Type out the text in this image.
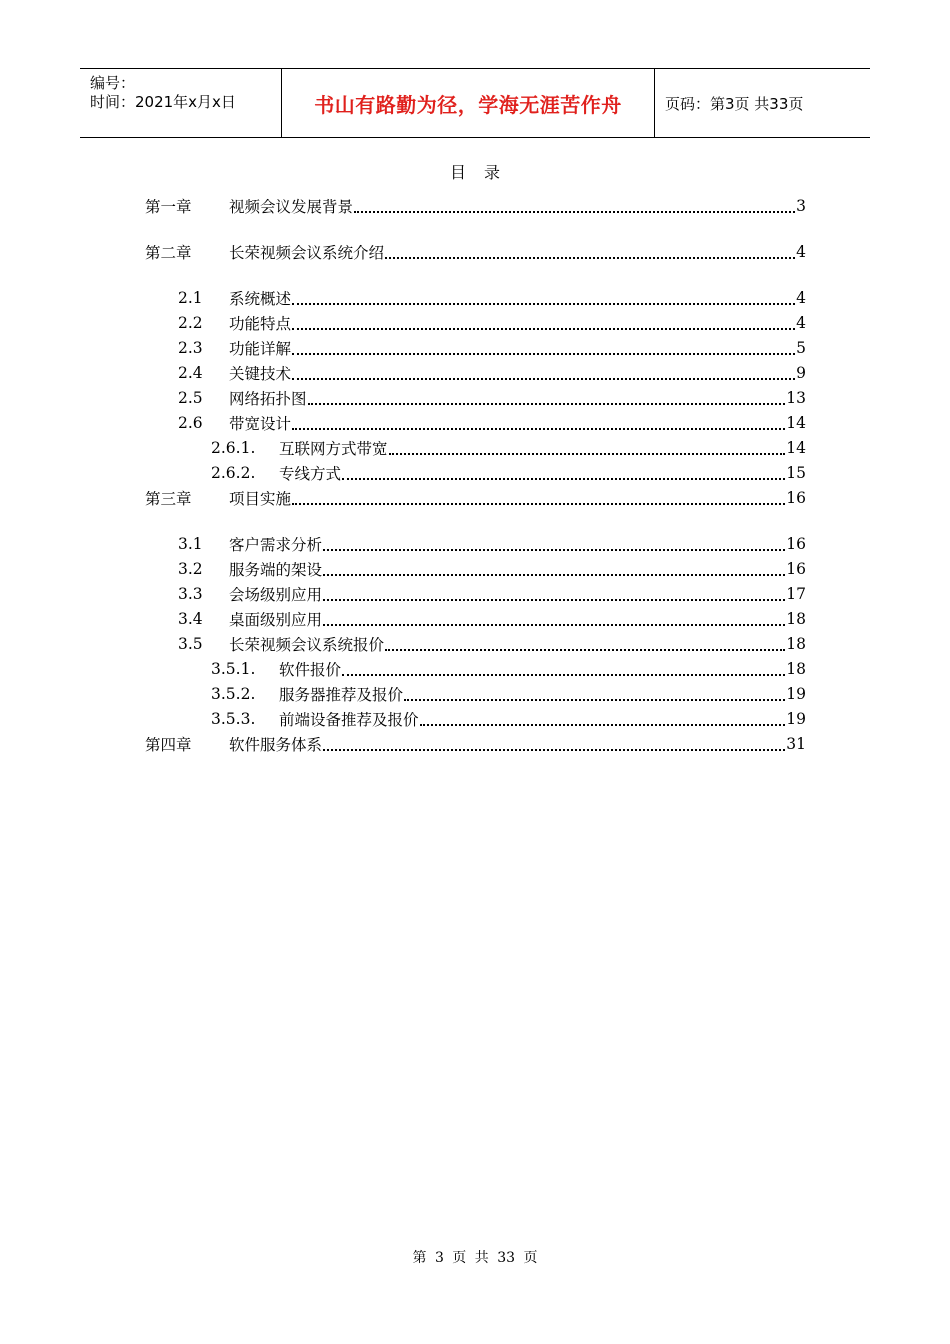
编号：
时间：2021年x月x日	书山有路勤为径，学海无涯苦作舟	页码：第3页 共33页
目录
第一章	视频会议发展背景	3
第二章	长荣视频会议系统介绍	4
2.1	系统概述	4
2.2	功能特点	4
2.3	功能详解	5
2.4	关键技术	9
2.5	网络拓扑图	13
2.6	带宽设计	14
2.6.1.	互联网方式带宽	14
2.6.2.	专线方式	15
第三章	项目实施	16
3.1	客户需求分析	16
3.2	服务端的架设	16
3.3	会场级别应用	17
3.4	桌面级别应用	18
3.5	长荣视频会议系统报价	18
3.5.1.	软件报价	18
3.5.2.	服务器推荐及报价	19
3.5.3.	前端设备推荐及报价	19
第四章	软件服务体系	31
第 3 页 共 33 页
